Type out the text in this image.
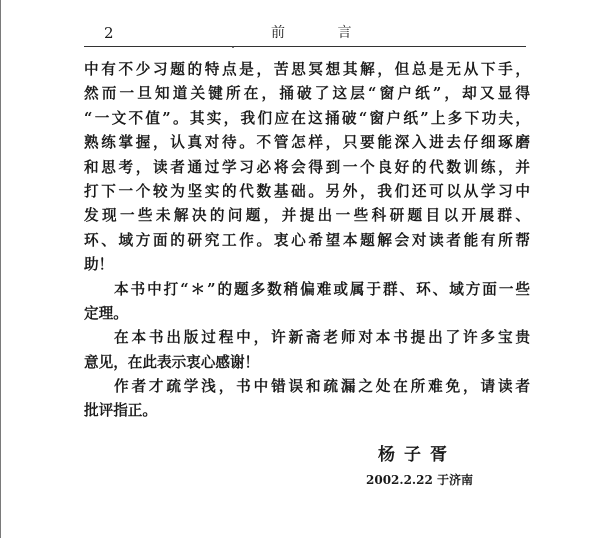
2	前 言
中有不少习题的特点是，苦思冥想其解，但总是无从下手，
然而一旦知道关键所在，捅破了这层“窗户纸”，却又显得
“一文不值”。其实，我们应在这捅破“窗户纸”上多下功夫，
熟练掌握，认真对待。不管怎样，只要能深入进去仔细琢磨
和思考，读者通过学习必将会得到一个良好的代数训练，并
打下一个较为坚实的代数基础。另外，我们还可以从学习中
发现一些未解决的问题，并提出一些科研题目以开展群、
环、域方面的研究工作。衷心希望本题解会对读者能有所帮
助！
本书中打“＊”的题多数稍偏难或属于群、环、域方面一些
定理。
在本书出版过程中，许新斋老师对本书提出了许多宝贵
意见，在此表示衷心感谢！
作者才疏学浅，书中错误和疏漏之处在所难免，请读者
批评指正。
杨子胥
2002.2.22 于济南
